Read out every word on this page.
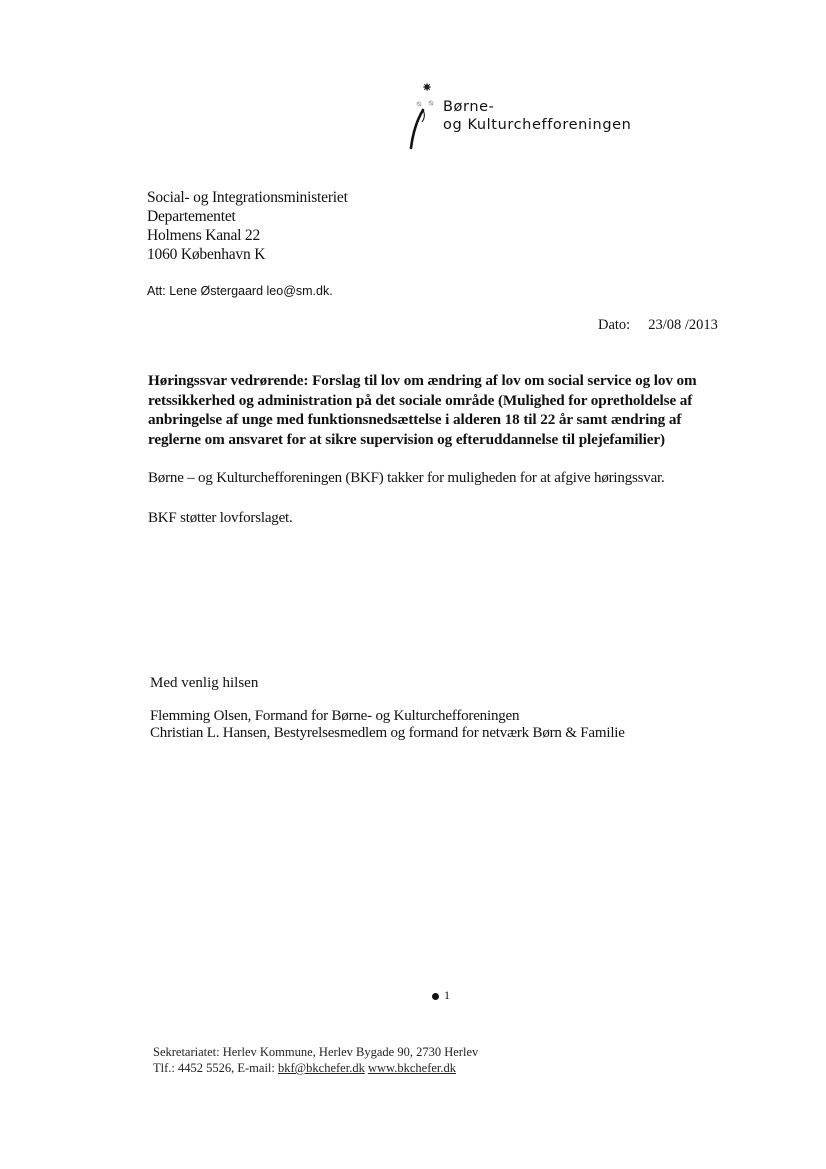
Børne-
og Kulturchefforeningen
Social- og Integrationsministeriet
Departementet
Holmens Kanal 22
1060 København K
Att: Lene Østergaard leo@sm.dk.
Dato: 23/08 /2013
Høringssvar vedrørende: Forslag til lov om ændring af lov om social service og lov om retssikkerhed og administration på det sociale område (Mulighed for opretholdelse af anbringelse af unge med funktionsnedsættelse i alderen 18 til 22 år samt ændring af reglerne om ansvaret for at sikre supervision og efteruddannelse til plejefamilier)
Børne – og Kulturchefforeningen (BKF) takker for muligheden for at afgive høringssvar.
BKF støtter lovforslaget.
Med venlig hilsen
Flemming Olsen, Formand for Børne- og Kulturchefforeningen
Christian L. Hansen, Bestyrelsesmedlem og formand for netværk Børn & Familie
1
Sekretariatet: Herlev Kommune, Herlev Bygade 90, 2730 Herlev
Tlf.: 4452 5526, E-mail: bkf@bkchefer.dk www.bkchefer.dk
